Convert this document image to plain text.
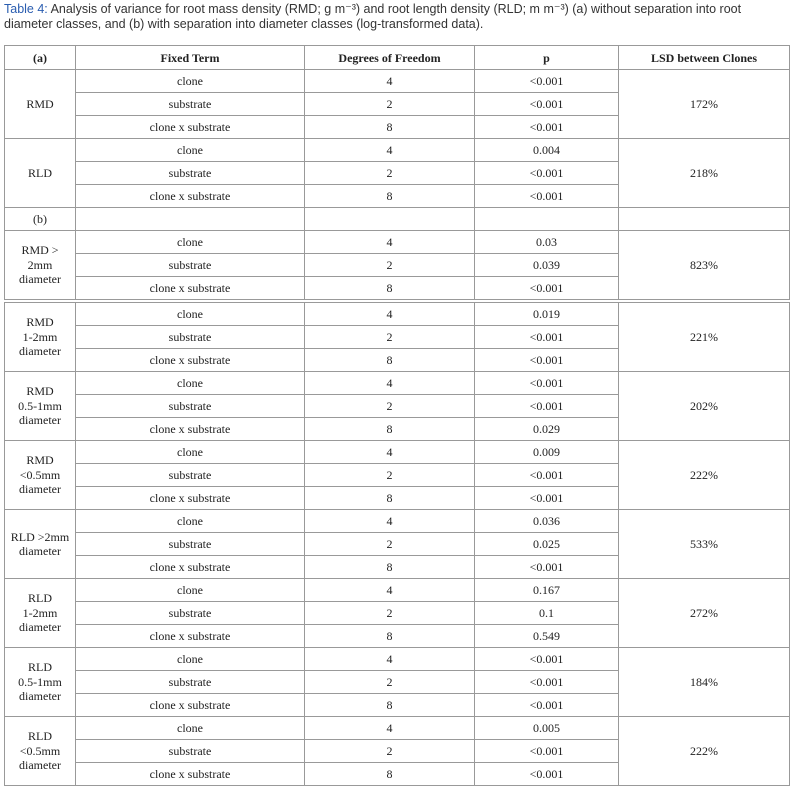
Table 4: Analysis of variance for root mass density (RMD; g m⁻³) and root length density (RLD; m m⁻³) (a) without separation into root diameter classes, and (b) with separation into diameter classes (log-transformed data).
(a)	Fixed Term	Degrees of Freedom	p	LSD between Clones

RMD	clone	4	<0.001	172%
	substrate	2	<0.001	
	clone x substrate	8	<0.001	

RLD	clone	4	0.004	218%
	substrate	2	<0.001	
	clone x substrate	8	<0.001	
(b)				

RMD >
2mm
diameter	clone	4	0.03	823%
	substrate	2	0.039	
	clone x substrate	8	<0.001	

RMD
1-2mm
diameter	clone	4	0.019	221%
	substrate	2	<0.001	
	clone x substrate	8	<0.001	

RMD
0.5-1mm
diameter	clone	4	<0.001	202%
	substrate	2	<0.001	
	clone x substrate	8	0.029	

RMD
<0.5mm
diameter	clone	4	0.009	222%
	substrate	2	<0.001	
	clone x substrate	8	<0.001	

RLD >2mm
diameter	clone	4	0.036	533%
	substrate	2	0.025	
	clone x substrate	8	<0.001	

RLD
1-2mm
diameter	clone	4	0.167	272%
	substrate	2	0.1	
	clone x substrate	8	0.549	

RLD
0.5-1mm
diameter	clone	4	<0.001	184%
	substrate	2	<0.001	
	clone x substrate	8	<0.001	

RLD
<0.5mm
diameter	clone	4	0.005	222%
	substrate	2	<0.001	
	clone x substrate	8	<0.001	
